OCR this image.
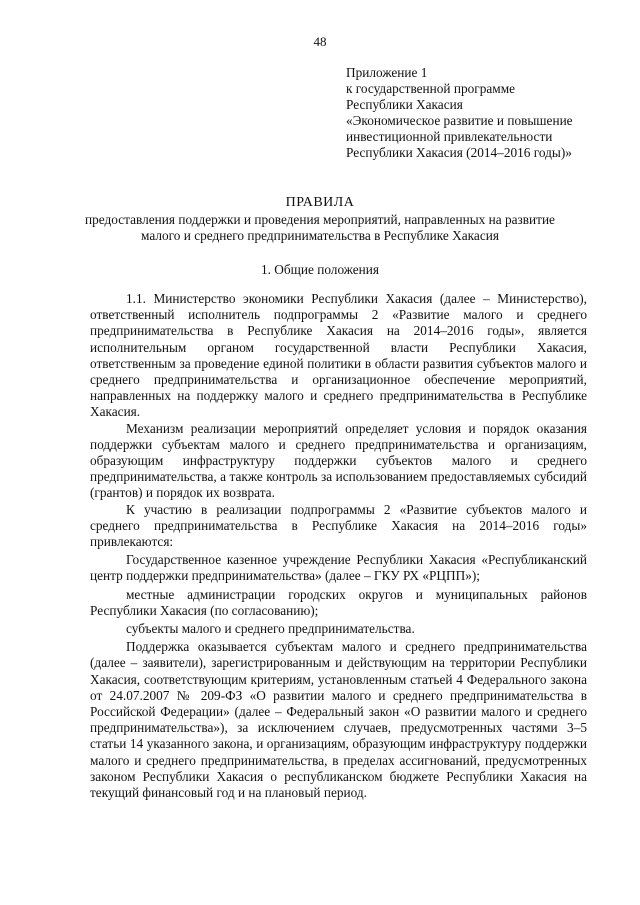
48
Приложение 1
к государственной программе
Республики Хакасия
«Экономическое развитие и повышение
инвестиционной привлекательности
Республики Хакасия (2014–2016 годы)»
ПРАВИЛА
предоставления поддержки и проведения мероприятий, направленных на развитие малого и среднего предпринимательства в Республике Хакасия
1. Общие положения

1.1. Министерство экономики Республики Хакасия (далее – Министерство), ответственный исполнитель подпрограммы 2 «Развитие малого и среднего предпринимательства в Республике Хакасия на 2014–2016 годы», является исполнительным органом государственной власти Республики Хакасия, ответственным за проведение единой политики в области развития субъектов малого и среднего предпринимательства и организационное обеспечение мероприятий, направленных на поддержку малого и среднего предпринимательства в Республике Хакасия.

Механизм реализации мероприятий определяет условия и порядок оказания поддержки субъектам малого и среднего предпринимательства и организациям, образующим инфраструктуру поддержки субъектов малого и среднего предпринимательства, а также контроль за использованием предоставляемых субсидий (грантов) и порядок их возврата.

К участию в реализации подпрограммы 2 «Развитие субъектов малого и среднего предпринимательства в Республике Хакасия на 2014–2016 годы» привлекаются:

Государственное казенное учреждение Республики Хакасия «Республиканский центр поддержки предпринимательства» (далее – ГКУ РХ «РЦПП»);

местные администрации городских округов и муниципальных районов Республики Хакасия (по согласованию);

субъекты малого и среднего предпринимательства.

Поддержка оказывается субъектам малого и среднего предпринимательства (далее – заявители), зарегистрированным и действующим на территории Республики Хакасия, соответствующим критериям, установленным статьей 4 Федерального закона от 24.07.2007 № 209-ФЗ «О развитии малого и среднего предпринимательства в Российской Федерации» (далее – Федеральный закон «О развитии малого и среднего предпринимательства»), за исключением случаев, предусмотренных частями 3–5 статьи 14 указанного закона, и организациям, образующим инфраструктуру поддержки малого и среднего предпринимательства, в пределах ассигнований, предусмотренных законом Республики Хакасия о республиканском бюджете Республики Хакасия на текущий финансовый год и на плановый период.
